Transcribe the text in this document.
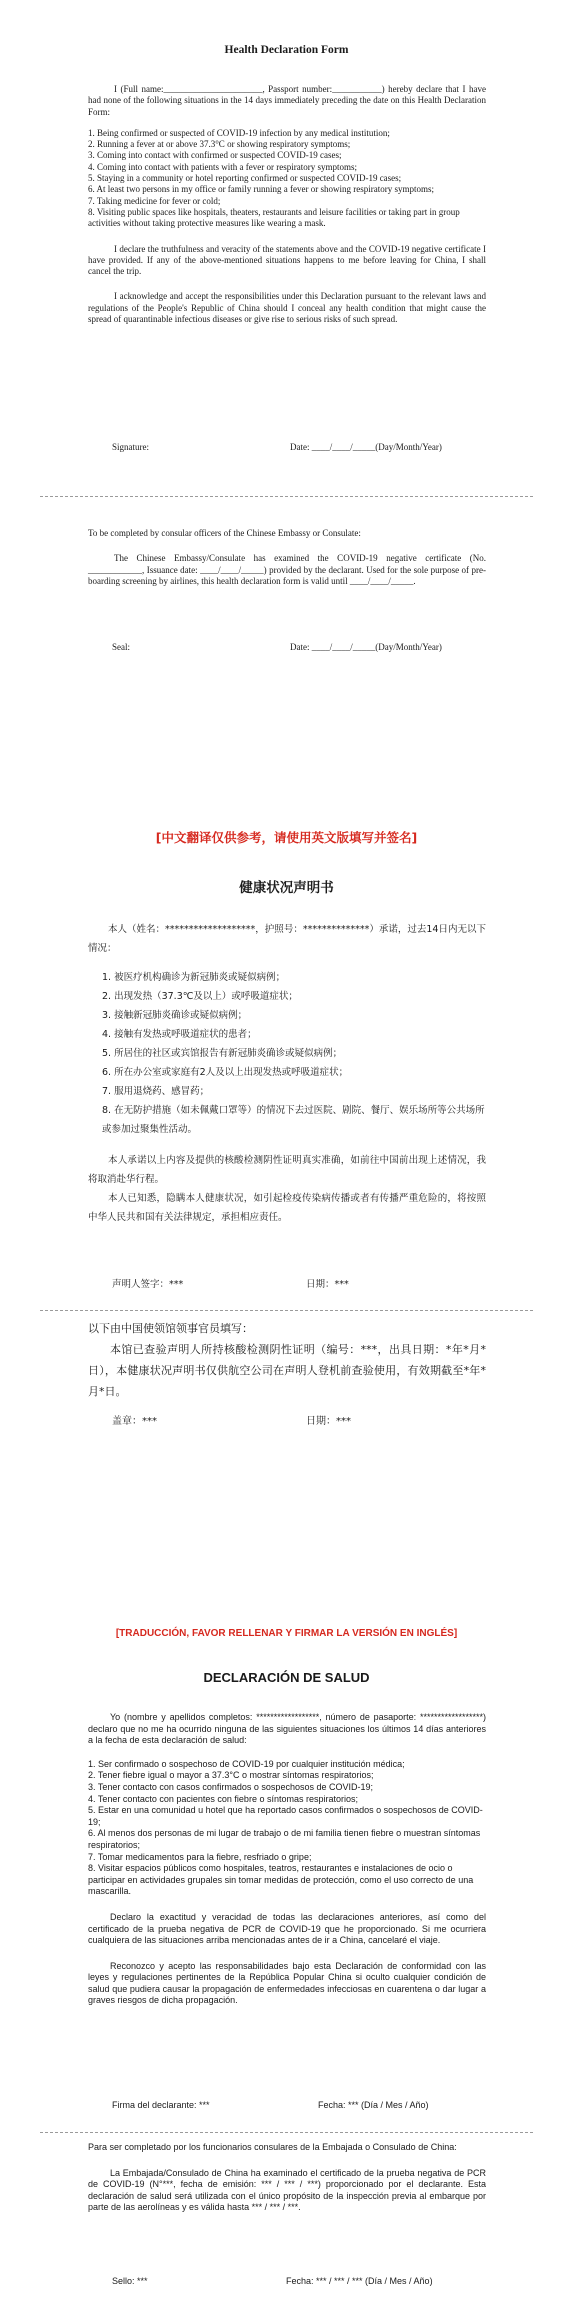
Health Declaration Form

I (Full name:______________________, Passport number:___________) hereby declare that I have had none of the following situations in the 14 days immediately preceding the date on this Health Declaration Form:

1. Being confirmed or suspected of COVID-19 infection by any medical institution;
2. Running a fever at or above 37.3°C or showing respiratory symptoms;
3. Coming into contact with confirmed or suspected COVID-19 cases;
4. Coming into contact with patients with a fever or respiratory symptoms;
5. Staying in a community or hotel reporting confirmed or suspected COVID-19 cases;
6. At least two persons in my office or family running a fever or showing respiratory symptoms;
7. Taking medicine for fever or cold;
8. Visiting public spaces like hospitals, theaters, restaurants and leisure facilities or taking part in group activities without taking protective measures like wearing a mask.

I declare the truthfulness and veracity of the statements above and the COVID-19 negative certificate I have provided. If any of the above-mentioned situations happens to me before leaving for China, I shall cancel the trip.

I acknowledge and accept the responsibilities under this Declaration pursuant to the relevant laws and regulations of the People's Republic of China should I conceal any health condition that might cause the spread of quarantinable infectious diseases or give rise to serious risks of such spread.

Signature:	Date: ____/____/_____(Day/Month/Year)

To be completed by consular officers of the Chinese Embassy or Consulate:

The Chinese Embassy/Consulate has examined the COVID-19 negative certificate (No. ____________, Issuance date: ____/____/_____) provided by the declarant. Used for the sole purpose of pre-boarding screening by airlines, this health declaration form is valid until ____/____/_____.

Seal:	Date: ____/____/_____(Day/Month/Year)
[中文翻译仅供参考，请使用英文版填写并签名]
健康状况声明书

本人（姓名：*******************，护照号：**************）承诺，过去14日内无以下情况：

1. 被医疗机构确诊为新冠肺炎或疑似病例；
2. 出现发热（37.3℃及以上）或呼吸道症状；
3. 接触新冠肺炎确诊或疑似病例；
4. 接触有发热或呼吸道症状的患者；
5. 所居住的社区或宾馆报告有新冠肺炎确诊或疑似病例；
6. 所在办公室或家庭有2人及以上出现发热或呼吸道症状；
7. 服用退烧药、感冒药；
8. 在无防护措施（如未佩戴口罩等）的情况下去过医院、剧院、餐厅、娱乐场所等公共场所或参加过聚集性活动。

本人承诺以上内容及提供的核酸检测阴性证明真实准确，如前往中国前出现上述情况，我将取消赴华行程。

本人已知悉，隐瞒本人健康状况，如引起检疫传染病传播或者有传播严重危险的，将按照中华人民共和国有关法律规定，承担相应责任。

声明人签字：***	日期：***

以下由中国使领馆领事官员填写：

本馆已查验声明人所持核酸检测阴性证明（编号：***，出具日期：*年*月*日），本健康状况声明书仅供航空公司在声明人登机前查验使用，有效期截至*年*月*日。

盖章：***	日期：***
[TRADUCCIÓN, FAVOR RELLENAR Y FIRMAR LA VERSIÓN EN INGLÉS]
DECLARACIÓN DE SALUD

Yo (nombre y apellidos completos: ******************, número de pasaporte: ******************) declaro que no me ha ocurrido ninguna de las siguientes situaciones los últimos 14 días anteriores a la fecha de esta declaración de salud:

1. Ser confirmado o sospechoso de COVID-19 por cualquier institución médica;
2. Tener fiebre igual o mayor a 37.3°C o mostrar síntomas respiratorios;
3. Tener contacto con casos confirmados o sospechosos de COVID-19;
4. Tener contacto con pacientes con fiebre o síntomas respiratorios;
5. Estar en una comunidad u hotel que ha reportado casos confirmados o sospechosos de COVID-19;
6. Al menos dos personas de mi lugar de trabajo o de mi familia tienen fiebre o muestran síntomas respiratorios;
7. Tomar medicamentos para la fiebre, resfriado o gripe;
8. Visitar espacios públicos como hospitales, teatros, restaurantes e instalaciones de ocio o participar en actividades grupales sin tomar medidas de protección, como el uso correcto de una mascarilla.

Declaro la exactitud y veracidad de todas las declaraciones anteriores, así como del certificado de la prueba negativa de PCR de COVID-19 que he proporcionado. Si me ocurriera cualquiera de las situaciones arriba mencionadas antes de ir a China, cancelaré el viaje.

Reconozco y acepto las responsabilidades bajo esta Declaración de conformidad con las leyes y regulaciones pertinentes de la República Popular China si oculto cualquier condición de salud que pudiera causar la propagación de enfermedades infecciosas en cuarentena o dar lugar a graves riesgos de dicha propagación.

Firma del declarante: ***	Fecha: *** (Día / Mes / Año)

Para ser completado por los funcionarios consulares de la Embajada o Consulado de China:

La Embajada/Consulado de China ha examinado el certificado de la prueba negativa de PCR de COVID-19 (N°***, fecha de emisión: *** / *** / ***) proporcionado por el declarante. Esta declaración de salud será utilizada con el único propósito de la inspección previa al embarque por parte de las aerolíneas y es válida hasta *** / *** / ***.

Sello: ***	Fecha: *** / *** / *** (Día / Mes / Año)
